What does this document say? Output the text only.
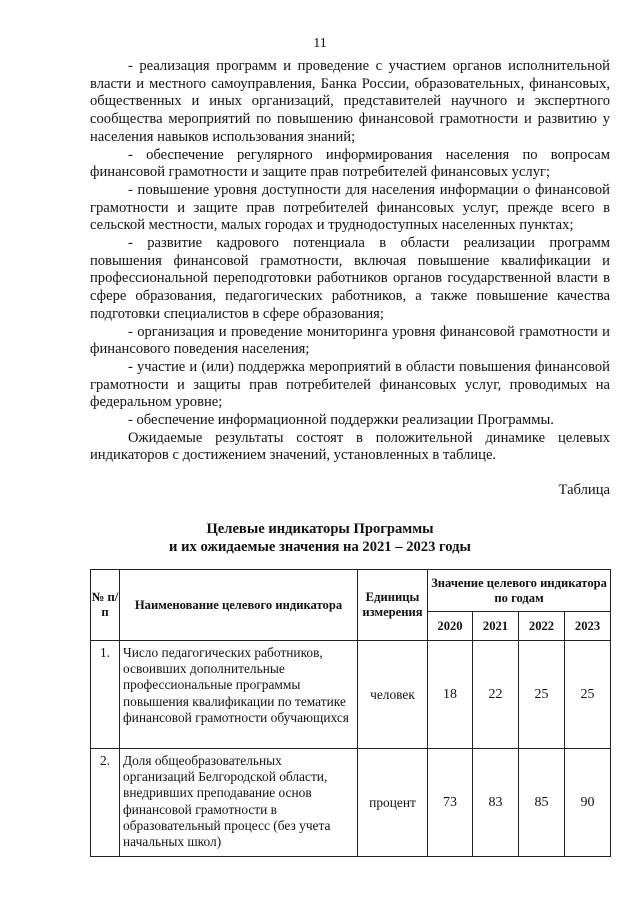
11

- реализация программ и проведение с участием органов исполнительной власти и местного самоуправления, Банка России, образовательных, финансовых, общественных и иных организаций, представителей научного и экспертного сообщества мероприятий по повышению финансовой грамотности и развитию у населения навыков использования знаний;

- обеспечение регулярного информирования населения по вопросам финансовой грамотности и защите прав потребителей финансовых услуг;

- повышение уровня доступности для населения информации о финансовой грамотности и защите прав потребителей финансовых услуг, прежде всего в сельской местности, малых городах и труднодоступных населенных пунктах;

- развитие кадрового потенциала в области реализации программ повышения финансовой грамотности, включая повышение квалификации и профессиональной переподготовки работников органов государственной власти в сфере образования, педагогических работников, а также повышение качества подготовки специалистов в сфере образования;

- организация и проведение мониторинга уровня финансовой грамотности и финансового поведения населения;

- участие и (или) поддержка мероприятий в области повышения финансовой грамотности и защиты прав потребителей финансовых услуг, проводимых на федеральном уровне;

- обеспечение информационной поддержки реализации Программы.

Ожидаемые результаты состоят в положительной динамике целевых индикаторов с достижением значений, установленных в таблице.

Таблица
Целевые индикаторы Программы
и их ожидаемые значения на 2021 – 2023 годы
№ п/п	Наименование целевого индикатора	Единицы измерения	Значение целевого индикатора по годам			
			2020	2021	2022	2023
1.	Число педагогических работников, освоивших дополнительные профессиональные программы повышения квалификации по тематике финансовой грамотности обучающихся	человек	18	22	25	25
2.	Доля общеобразовательных организаций Белгородской области, внедривших преподавание основ финансовой грамотности в образовательный процесс (без учета начальных школ)	процент	73	83	85	90
